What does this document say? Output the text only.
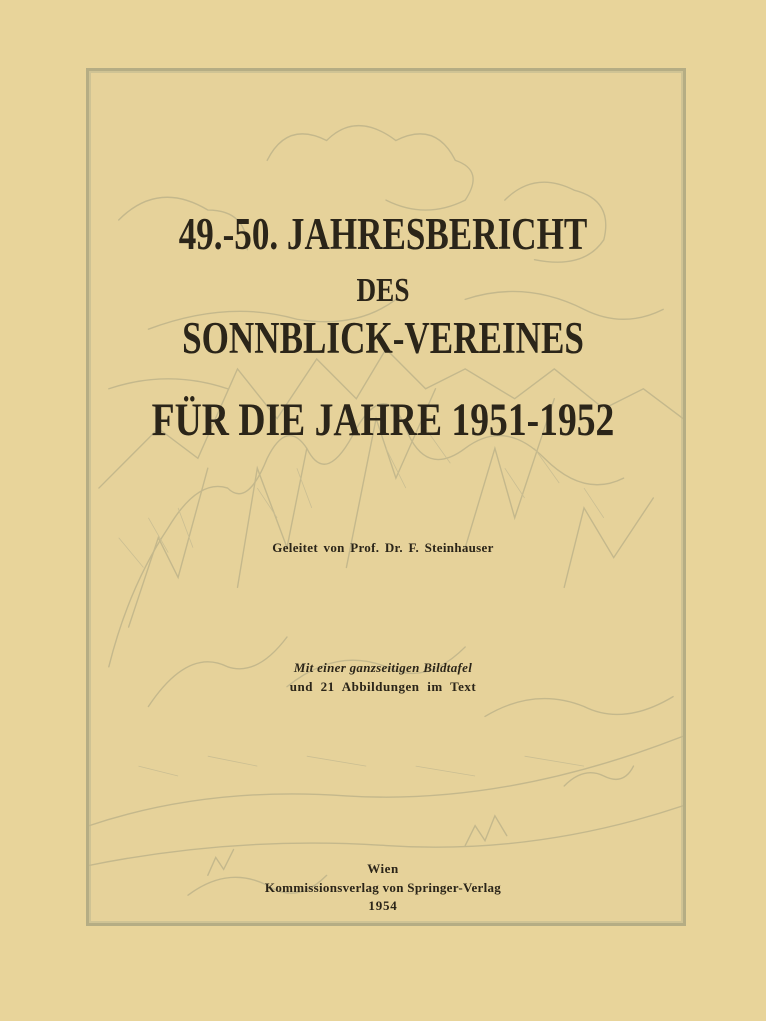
49.-50. JAHRESBERICHT
DES
SONNBLICK-VEREINES
FÜR DIE JAHRE 1951-1952
Geleitet von Prof. Dr. F. Steinhauser
Mit einer ganzseitigen Bildtafel
und 21 Abbildungen im Text
Wien
Kommissionsverlag von Springer-Verlag
1954
